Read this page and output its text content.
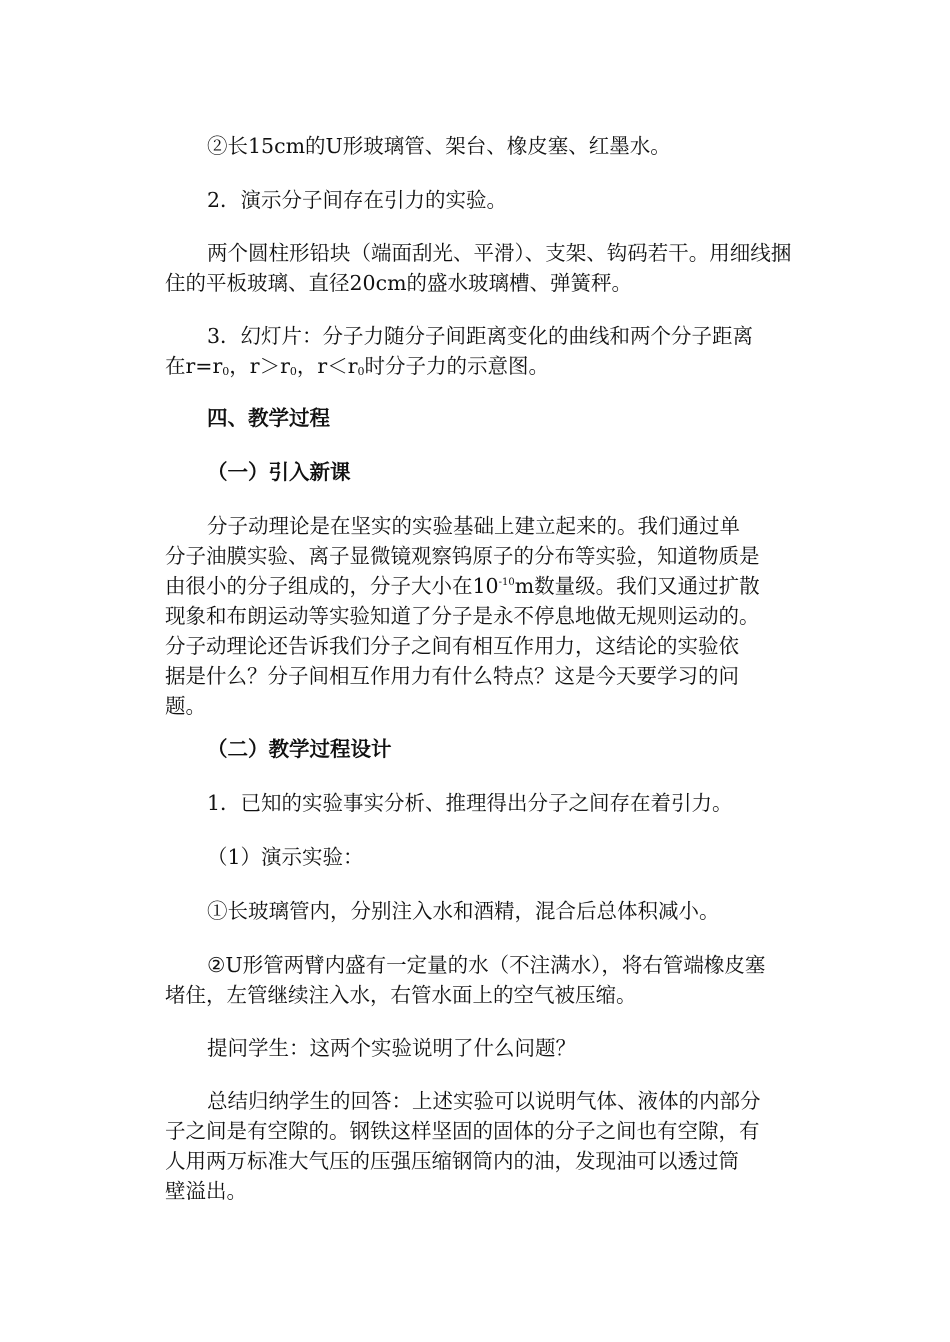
②长15cm的U形玻璃管、架台、橡皮塞、红墨水。
2．演示分子间存在引力的实验。
两个圆柱形铅块（端面刮光、平滑）、支架、钩码若干。用细线捆
住的平板玻璃、直径20cm的盛水玻璃槽、弹簧秤。
3．幻灯片：分子力随分子间距离变化的曲线和两个分子距离
在$r=r_0$，$r>r_0$，$r<r_0$时分子力的示意图。
四、教学过程
（一）引入新课
分子动理论是在坚实的实验基础上建立起来的。我们通过单
分子油膜实验、离子显微镜观察钨原子的分布等实验，知道物质是
由很小的分子组成的，分子大小在$10^{-10}m$数量级。我们又通过扩散
现象和布朗运动等实验知道了分子是永不停息地做无规则运动的。
分子动理论还告诉我们分子之间有相互作用力，这结论的实验依
据是什么？分子间相互作用力有什么特点？这是今天要学习的问
题。
（二）教学过程设计
1．已知的实验事实分析、推理得出分子之间存在着引力。
（1）演示实验：
①长玻璃管内，分别注入水和酒精，混合后总体积减小。
②U形管两臂内盛有一定量的水（不注满水），将右管端橡皮塞
堵住，左管继续注入水，右管水面上的空气被压缩。
提问学生：这两个实验说明了什么问题？
总结归纳学生的回答：上述实验可以说明气体、液体的内部分
子之间是有空隙的。钢铁这样坚固的固体的分子之间也有空隙，有
人用两万标准大气压的压强压缩钢筒内的油，发现油可以透过筒
壁溢出。
